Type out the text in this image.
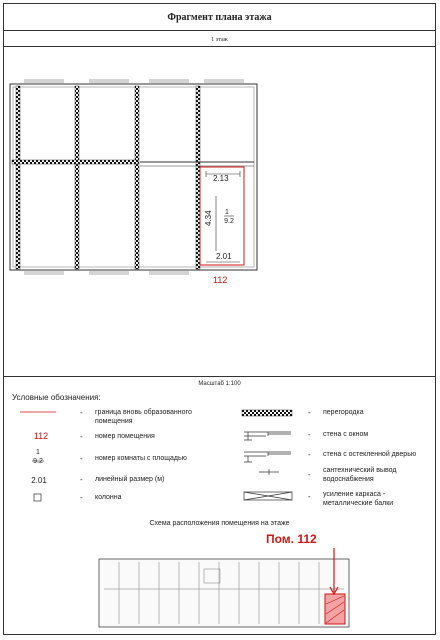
Фрагмент плана этажа
1 этаж
2.13
4.34 1
9.2
2.01
112
Масштаб 1:100
Условные обозначения:
112
1
9.2
2.01
-
-
-
-
-
-
-
-
-
-
граница вновь образованного помещения
номер помещения
номер комнаты с площадью
линейный размер (м)
колонна
перегородка
стена с окном
стена с остекленной дверью
сантехнический вывод водоснабжения
усиление каркаса - металлические балки
Схема расположения помещения на этаже
Пом. 112
